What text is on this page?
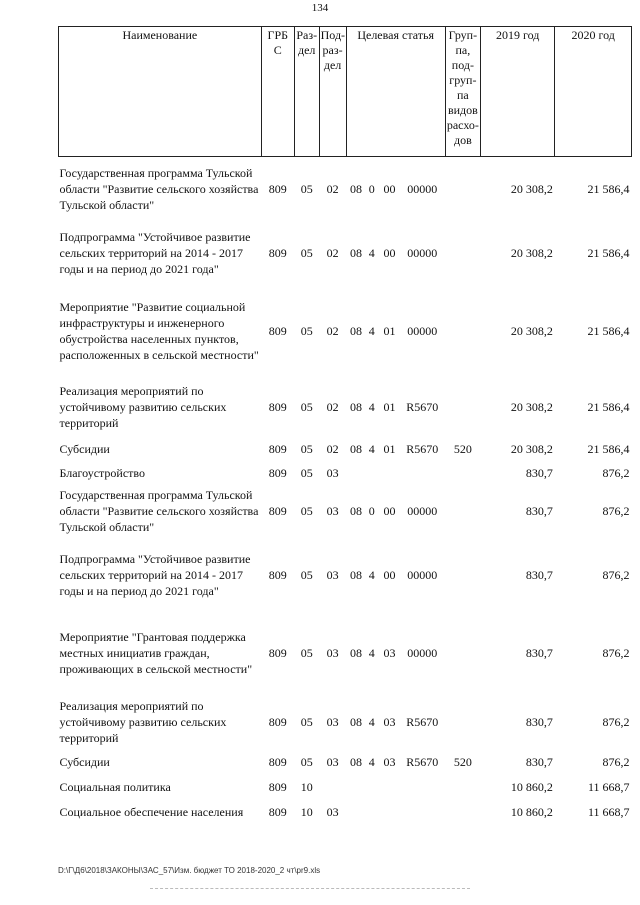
134
Наименование	ГРБ С	Раз-дел	Под-раз-дел	Целевая статья	Груп-па, под-груп-па видов расхо-дов	2019 год	2020 год
Государственная программа Тульской области "Развитие сельского хозяйства Тульской области"	809	05	02	08 0 00 00000		20 308,2	21 586,4
Подпрограмма "Устойчивое развитие сельских территорий на 2014 - 2017 годы и на период до 2021 года"	809	05	02	08 4 00 00000		20 308,2	21 586,4
Мероприятие "Развитие социальной инфраструктуры и инженерного обустройства населенных пунктов, расположенных в сельской местности"	809	05	02	08 4 01 00000		20 308,2	21 586,4
Реализация мероприятий по устойчивому развитию сельских территорий	809	05	02	08 4 01 R5670		20 308,2	21 586,4
Субсидии	809	05	02	08 4 01 R5670	520	20 308,2	21 586,4
Благоустройство	809	05	03			830,7	876,2
Государственная программа Тульской области "Развитие сельского хозяйства Тульской области"	809	05	03	08 0 00 00000		830,7	876,2
Подпрограмма "Устойчивое развитие сельских территорий на 2014 - 2017 годы и на период до 2021 года"	809	05	03	08 4 00 00000		830,7	876,2
Мероприятие "Грантовая поддержка местных инициатив граждан, проживающих в сельской местности"	809	05	03	08 4 03 00000		830,7	876,2
Реализация мероприятий по устойчивому развитию сельских территорий	809	05	03	08 4 03 R5670		830,7	876,2
Субсидии	809	05	03	08 4 03 R5670	520	830,7	876,2
Социальная политика	809	10				10 860,2	11 668,7
Социальное обеспечение населения	809	10	03			10 860,2	11 668,7
D:\Г\Д6\2018\ЗАКОНЫ\ЗАС_57\Изм. бюджет ТО 2018-2020_2 чт\pr9.xls
